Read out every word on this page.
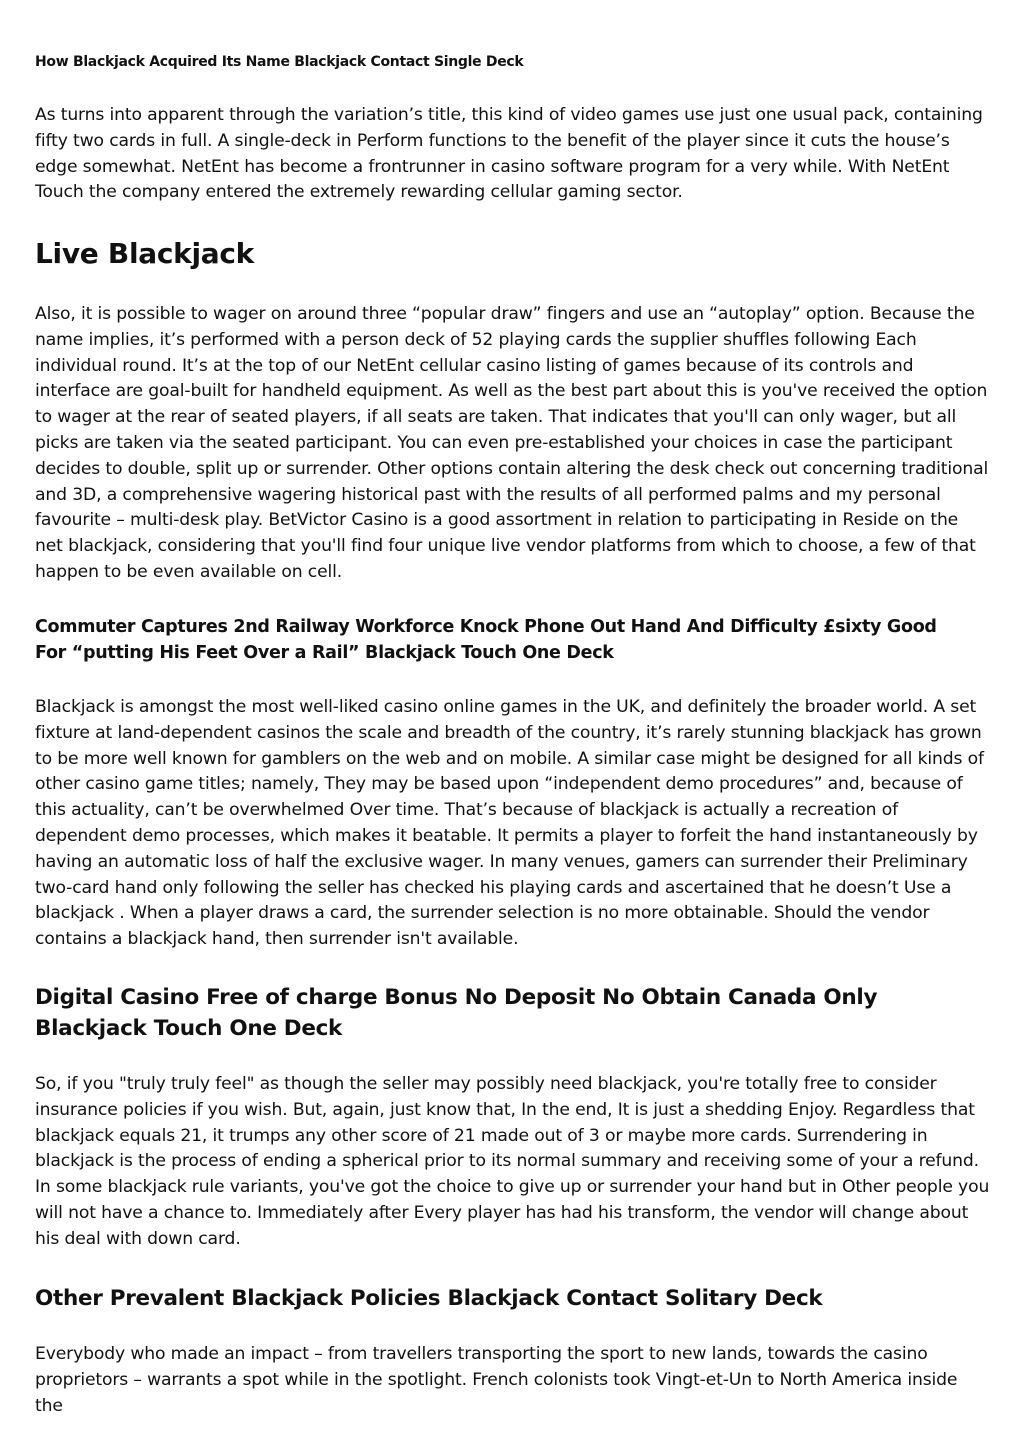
How Blackjack Acquired Its Name Blackjack Contact Single Deck

As turns into apparent through the variation’s title, this kind of video games use just one usual pack, containing fifty two cards in full. A single-deck in Perform functions to the benefit of the player since it cuts the house’s edge somewhat. NetEnt has become a frontrunner in casino software program for a very while. With NetEnt Touch the company entered the extremely rewarding cellular gaming sector.

Live Blackjack

Also, it is possible to wager on around three “popular draw” fingers and use an “autoplay” option. Because the name implies, it’s performed with a person deck of 52 playing cards the supplier shuffles following Each individual round. It’s at the top of our NetEnt cellular casino listing of games because of its controls and interface are goal-built for handheld equipment. As well as the best part about this is you've received the option to wager at the rear of seated players, if all seats are taken. That indicates that you'll can only wager, but all picks are taken via the seated participant. You can even pre-established your choices in case the participant decides to double, split up or surrender. Other options contain altering the desk check out concerning traditional and 3D, a comprehensive wagering historical past with the results of all performed palms and my personal favourite – multi-desk play. BetVictor Casino is a good assortment in relation to participating in Reside on the net blackjack, considering that you'll find four unique live vendor platforms from which to choose, a few of that happen to be even available on cell.

Commuter Captures 2nd Railway Workforce Knock Phone Out Hand And Difficulty £sixty Good For “putting His Feet Over a Rail” Blackjack Touch One Deck

Blackjack is amongst the most well-liked casino online games in the UK, and definitely the broader world. A set fixture at land-dependent casinos the scale and breadth of the country, it’s rarely stunning blackjack has grown to be more well known for gamblers on the web and on mobile. A similar case might be designed for all kinds of other casino game titles; namely, They may be based upon “independent demo procedures” and, because of this actuality, can’t be overwhelmed Over time. That’s because of blackjack is actually a recreation of dependent demo processes, which makes it beatable. It permits a player to forfeit the hand instantaneously by having an automatic loss of half the exclusive wager. In many venues, gamers can surrender their Preliminary two-card hand only following the seller has checked his playing cards and ascertained that he doesn’t Use a blackjack . When a player draws a card, the surrender selection is no more obtainable. Should the vendor contains a blackjack hand, then surrender isn't available.

Digital Casino Free of charge Bonus No Deposit No Obtain Canada Only Blackjack Touch One Deck

So, if you "truly truly feel" as though the seller may possibly need blackjack, you're totally free to consider insurance policies if you wish. But, again, just know that, In the end, It is just a shedding Enjoy. Regardless that blackjack equals 21, it trumps any other score of 21 made out of 3 or maybe more cards. Surrendering in blackjack is the process of ending a spherical prior to its normal summary and receiving some of your a refund. In some blackjack rule variants, you've got the choice to give up or surrender your hand but in Other people you will not have a chance to. Immediately after Every player has had his transform, the vendor will change about his deal with down card.

Other Prevalent Blackjack Policies Blackjack Contact Solitary Deck

Everybody who made an impact – from travellers transporting the sport to new lands, towards the casino proprietors – warrants a spot while in the spotlight. French colonists took Vingt-et-Un to North America inside the
